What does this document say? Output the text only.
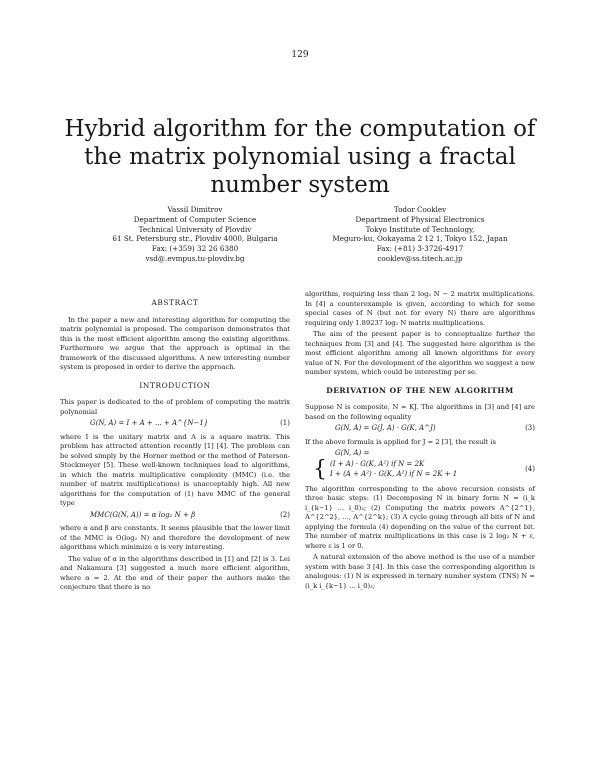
129
Hybrid algorithm for the computation of the matrix polynomial using a fractal number system
Vassil Dimitrov
Department of Computer Science
Technical University of Plovdiv
61 St. Petersburg str., Plovdiv 4000, Bulgaria
Fax: (+359) 32 26 6380
vsd@.evmpus.tu-plovdiv.bg
Todor Cooklev
Department of Physical Electronics
Tokyo Institute of Technology,
Meguro-ku, Ookayama 2 12 1, Tokyo 152, Japan
Fax: (+81) 3-3726-4917
cooklev@ss.titech.ac.jp
ABSTRACT

In the paper a new and interesting algorithm for computing the matrix polynomial is proposed. The comparison demonstrates that this is the most efficient algorithm among the existing algorithms. Furthermore we argue that the approach is optimal in the framework of the discussed algorithms. A new interesting number system is proposed in order to derive the approach.

INTRODUCTION

This paper is dedicated to the of problem of computing the matrix polynomial

G(N, A) = I + A + ... + A^{N−1}	(1)

where I is the unitary matrix and A is a square matrix. This problem has attracted attention recently [1] [4]. The problem can be solved simply by the Horner method or the method of Paterson-Stockmeyer [5]. These well-known techniques lead to algorithms, in which the matrix multiplicative complexity (MMC) (i.e. the number of matrix multiplications) is unacceptably high. All new algorithms for the computation of (1) have MMC of the general type

MMC(G(N, A)) = α log₂ N + β	(2)

where α and β are constants. It seems plausible that the lower limit of the MMC is O(log₂ N) and therefore the development of new algorithms which minimize α is very interesting.

The value of α in the algorithms described in [1] and [2] is 3. Lei and Nakamura [3] suggested a much more efficient algorithm, where α = 2. At the end of their paper the authors make the conjecture that there is no

algorithm, requiring less than 2 log₂ N − 2 matrix multiplications. In [4] a counterexample is given, according to which for some special cases of N (but not for every N) there are algorithms requiring only 1.89237 log₂ N matrix multiplications.

The aim of the present paper is to conceptualize further the techniques from [3] and [4]. The suggested here algorithm is the most efficient algorithm among all known algorithms for every value of N. For the development of the algorithm we suggest a new number system, which could be interesting per se.

DERIVATION OF THE NEW ALGORITHM

Suppose N is composite, N = KJ. The algorithms in [3] and [4] are based on the following equality

G(N, A) = G(J, A) · G(K, A^J)	(3)

If the above formula is applied for J = 2 [3], the result is

G(N, A) =
{ (I + A) · G(K, A²) if N = 2K
I + (A + A²) · G(K, A²) if N = 2K + 1
(4)

The algorithm corresponding to the above recursion consists of three basic steps: (1) Decomposing N in binary form N = (i_k i_{k−1} ... i_0)₂; (2) Computing the matrix powers A^{2^1}, A^{2^2}, ..., A^{2^k}; (3) A cycle going through all bits of N and applying the formula (4) depending on the value of the current bit. The number of matrix multiplications in this case is 2 log₂ N + ε, where ε is 1 or 0.

A natural extension of the above method is the use of a number system with base 3 [4]. In this case the corresponding algorithm is analogous: (1) N is expressed in ternary number system (TNS) N = (i_k i_{k−1} ... i_0)₃;
